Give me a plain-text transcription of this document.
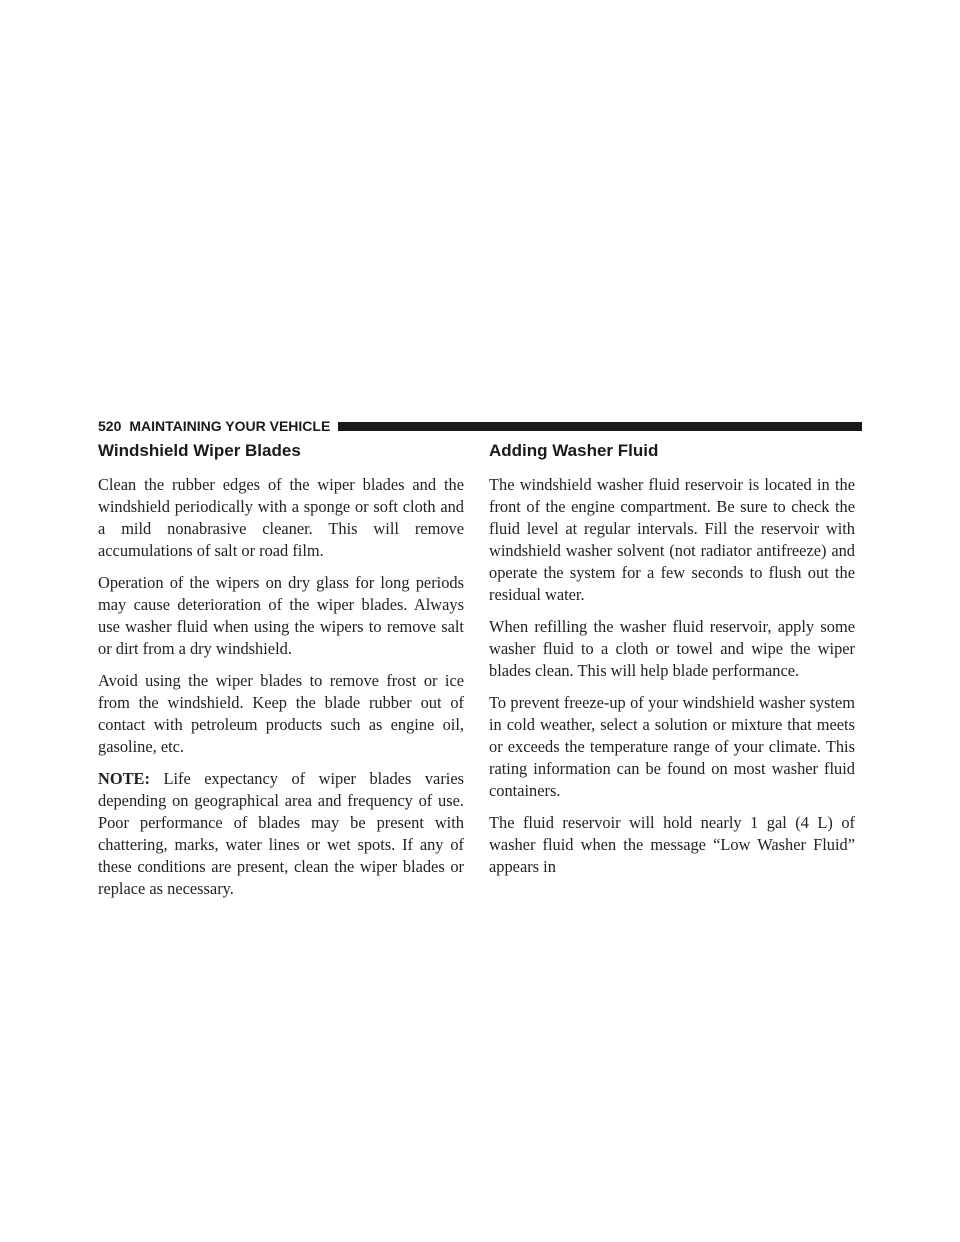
520 MAINTAINING YOUR VEHICLE
Windshield Wiper Blades

Clean the rubber edges of the wiper blades and the windshield periodically with a sponge or soft cloth and a mild nonabrasive cleaner. This will remove accumulations of salt or road film.

Operation of the wipers on dry glass for long periods may cause deterioration of the wiper blades. Always use washer fluid when using the wipers to remove salt or dirt from a dry windshield.

Avoid using the wiper blades to remove frost or ice from the windshield. Keep the blade rubber out of contact with petroleum products such as engine oil, gasoline, etc.

NOTE: Life expectancy of wiper blades varies depending on geographical area and frequency of use. Poor performance of blades may be present with chattering, marks, water lines or wet spots. If any of these conditions are present, clean the wiper blades or replace as necessary.

Adding Washer Fluid

The windshield washer fluid reservoir is located in the front of the engine compartment. Be sure to check the fluid level at regular intervals. Fill the reservoir with windshield washer solvent (not radiator antifreeze) and operate the system for a few seconds to flush out the residual water.

When refilling the washer fluid reservoir, apply some washer fluid to a cloth or towel and wipe the wiper blades clean. This will help blade performance.

To prevent freeze-up of your windshield washer system in cold weather, select a solution or mixture that meets or exceeds the temperature range of your climate. This rating information can be found on most washer fluid containers.

The fluid reservoir will hold nearly 1 gal (4 L) of washer fluid when the message “Low Washer Fluid” appears in
